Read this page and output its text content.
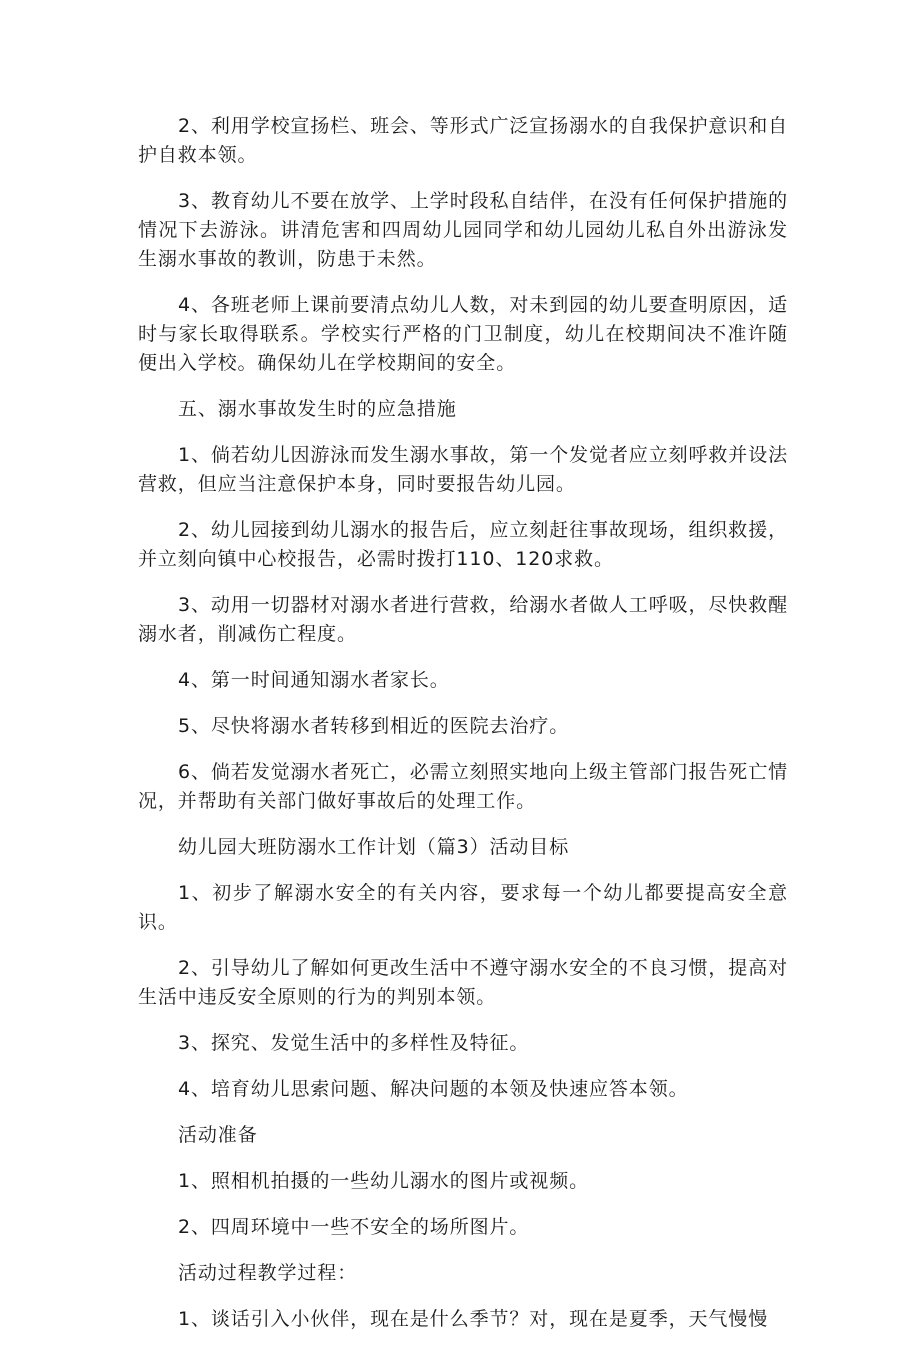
2、利用学校宣扬栏、班会、等形式广泛宣扬溺水的自我保护意识和自护自救本领。

3、教育幼儿不要在放学、上学时段私自结伴，在没有任何保护措施的情况下去游泳。讲清危害和四周幼儿园同学和幼儿园幼儿私自外出游泳发生溺水事故的教训，防患于未然。

4、各班老师上课前要清点幼儿人数，对未到园的幼儿要查明原因，适时与家长取得联系。学校实行严格的门卫制度，幼儿在校期间决不准许随便出入学校。确保幼儿在学校期间的安全。

五、溺水事故发生时的应急措施

1、倘若幼儿因游泳而发生溺水事故，第一个发觉者应立刻呼救并设法营救，但应当注意保护本身，同时要报告幼儿园。

2、幼儿园接到幼儿溺水的报告后，应立刻赶往事故现场，组织救援，并立刻向镇中心校报告，必需时拨打110、120求救。

3、动用一切器材对溺水者进行营救，给溺水者做人工呼吸，尽快救醒溺水者，削减伤亡程度。

4、第一时间通知溺水者家长。

5、尽快将溺水者转移到相近的医院去治疗。

6、倘若发觉溺水者死亡，必需立刻照实地向上级主管部门报告死亡情况，并帮助有关部门做好事故后的处理工作。

幼儿园大班防溺水工作计划（篇3）活动目标

1、初步了解溺水安全的有关内容，要求每一个幼儿都要提高安全意识。

2、引导幼儿了解如何更改生活中不遵守溺水安全的不良习惯，提高对生活中违反安全原则的行为的判别本领。

3、探究、发觉生活中的多样性及特征。

4、培育幼儿思索问题、解决问题的本领及快速应答本领。

活动准备

1、照相机拍摄的一些幼儿溺水的图片或视频。

2、四周环境中一些不安全的场所图片。

活动过程教学过程：

1、谈话引入小伙伴，现在是什么季节？对，现在是夏季，天气慢慢
